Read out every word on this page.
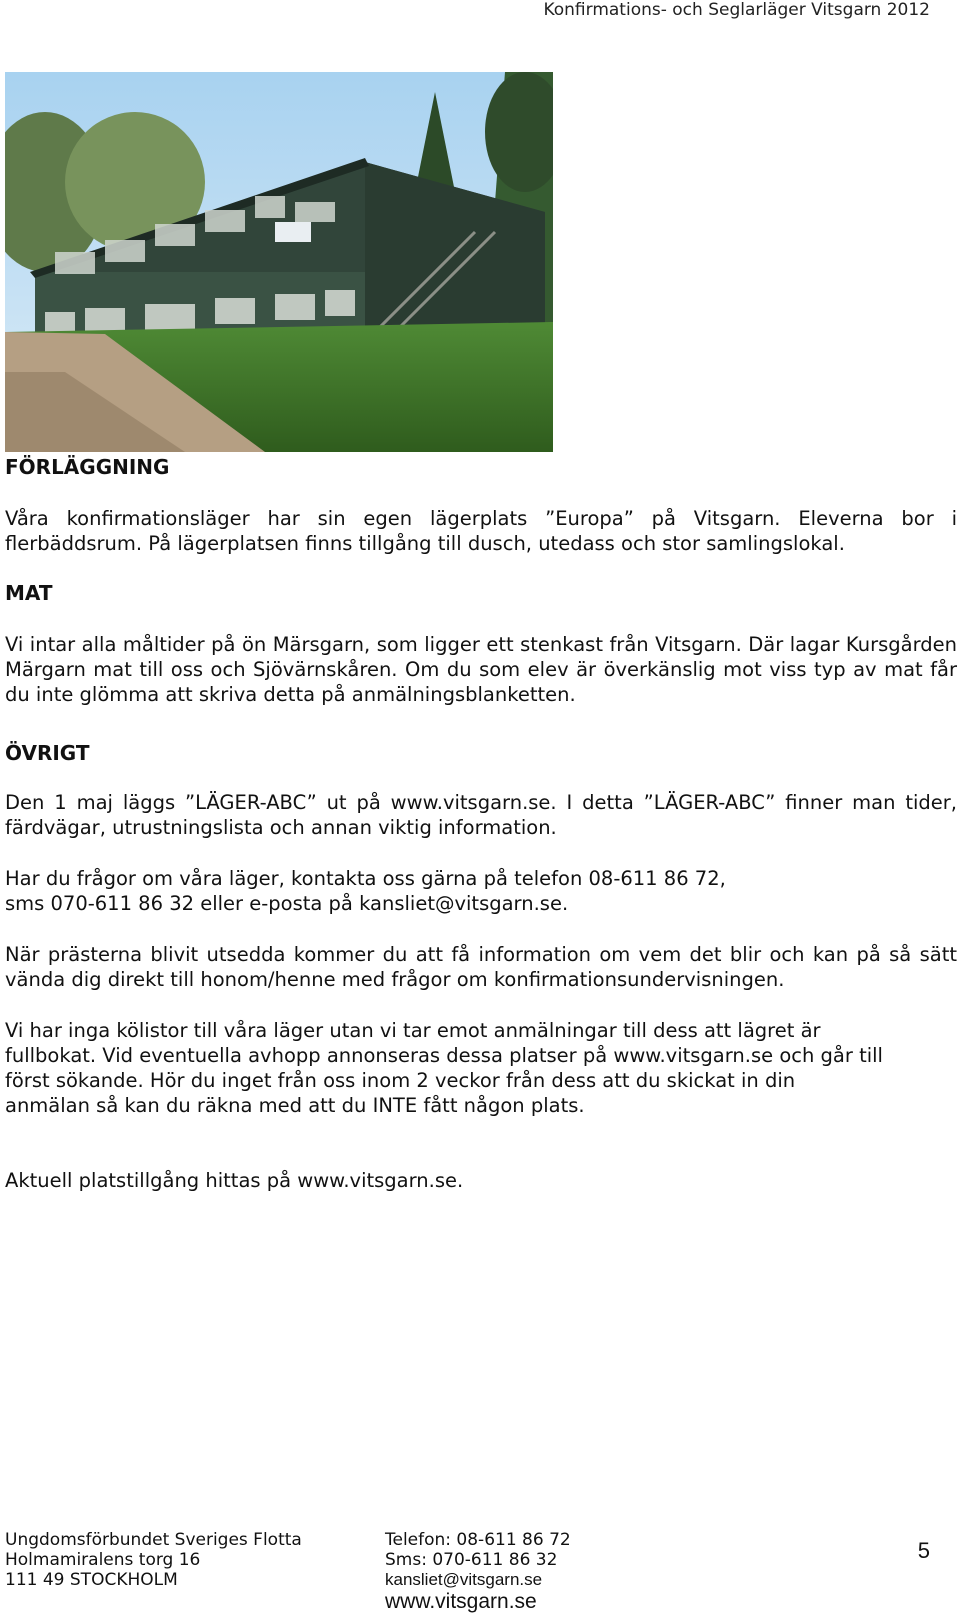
Konfirmations- och Seglarläger Vitsgarn 2012
FÖRLÄGGNING

Våra konfirmationsläger har sin egen lägerplats ”Europa” på Vitsgarn. Eleverna bor i flerbäddsrum. På lägerplatsen finns tillgång till dusch, utedass och stor samlingslokal.

MAT

Vi intar alla måltider på ön Märsgarn, som ligger ett stenkast från Vitsgarn. Där lagar Kursgården Märgarn mat till oss och Sjövärnskåren. Om du som elev är överkänslig mot viss typ av mat får du inte glömma att skriva detta på anmälningsblanketten.

ÖVRIGT

Den 1 maj läggs ”LÄGER-ABC” ut på www.vitsgarn.se. I detta ”LÄGER-ABC” finner man tider, färdvägar, utrustningslista och annan viktig information.

Har du frågor om våra läger, kontakta oss gärna på telefon 08-611 86 72,
sms 070-611 86 32 eller e-posta på kansliet@vitsgarn.se.

När prästerna blivit utsedda kommer du att få information om vem det blir och kan på så sätt vända dig direkt till honom/henne med frågor om konfirmationsundervisningen.

Vi har inga kölistor till våra läger utan vi tar emot anmälningar till dess att lägret är
fullbokat. Vid eventuella avhopp annonseras dessa platser på www.vitsgarn.se och går till
först sökande. Hör du inget från oss inom 2 veckor från dess att du skickat in din
anmälan så kan du räkna med att du INTE fått någon plats.

Aktuell platstillgång hittas på www.vitsgarn.se.

Ungdomsförbundet Sveriges Flotta
Holmamiralens torg 16
111 49 STOCKHOLM
Telefon: 08-611 86 72
Sms: 070-611 86 32
kansliet@vitsgarn.se
www.vitsgarn.se
5
